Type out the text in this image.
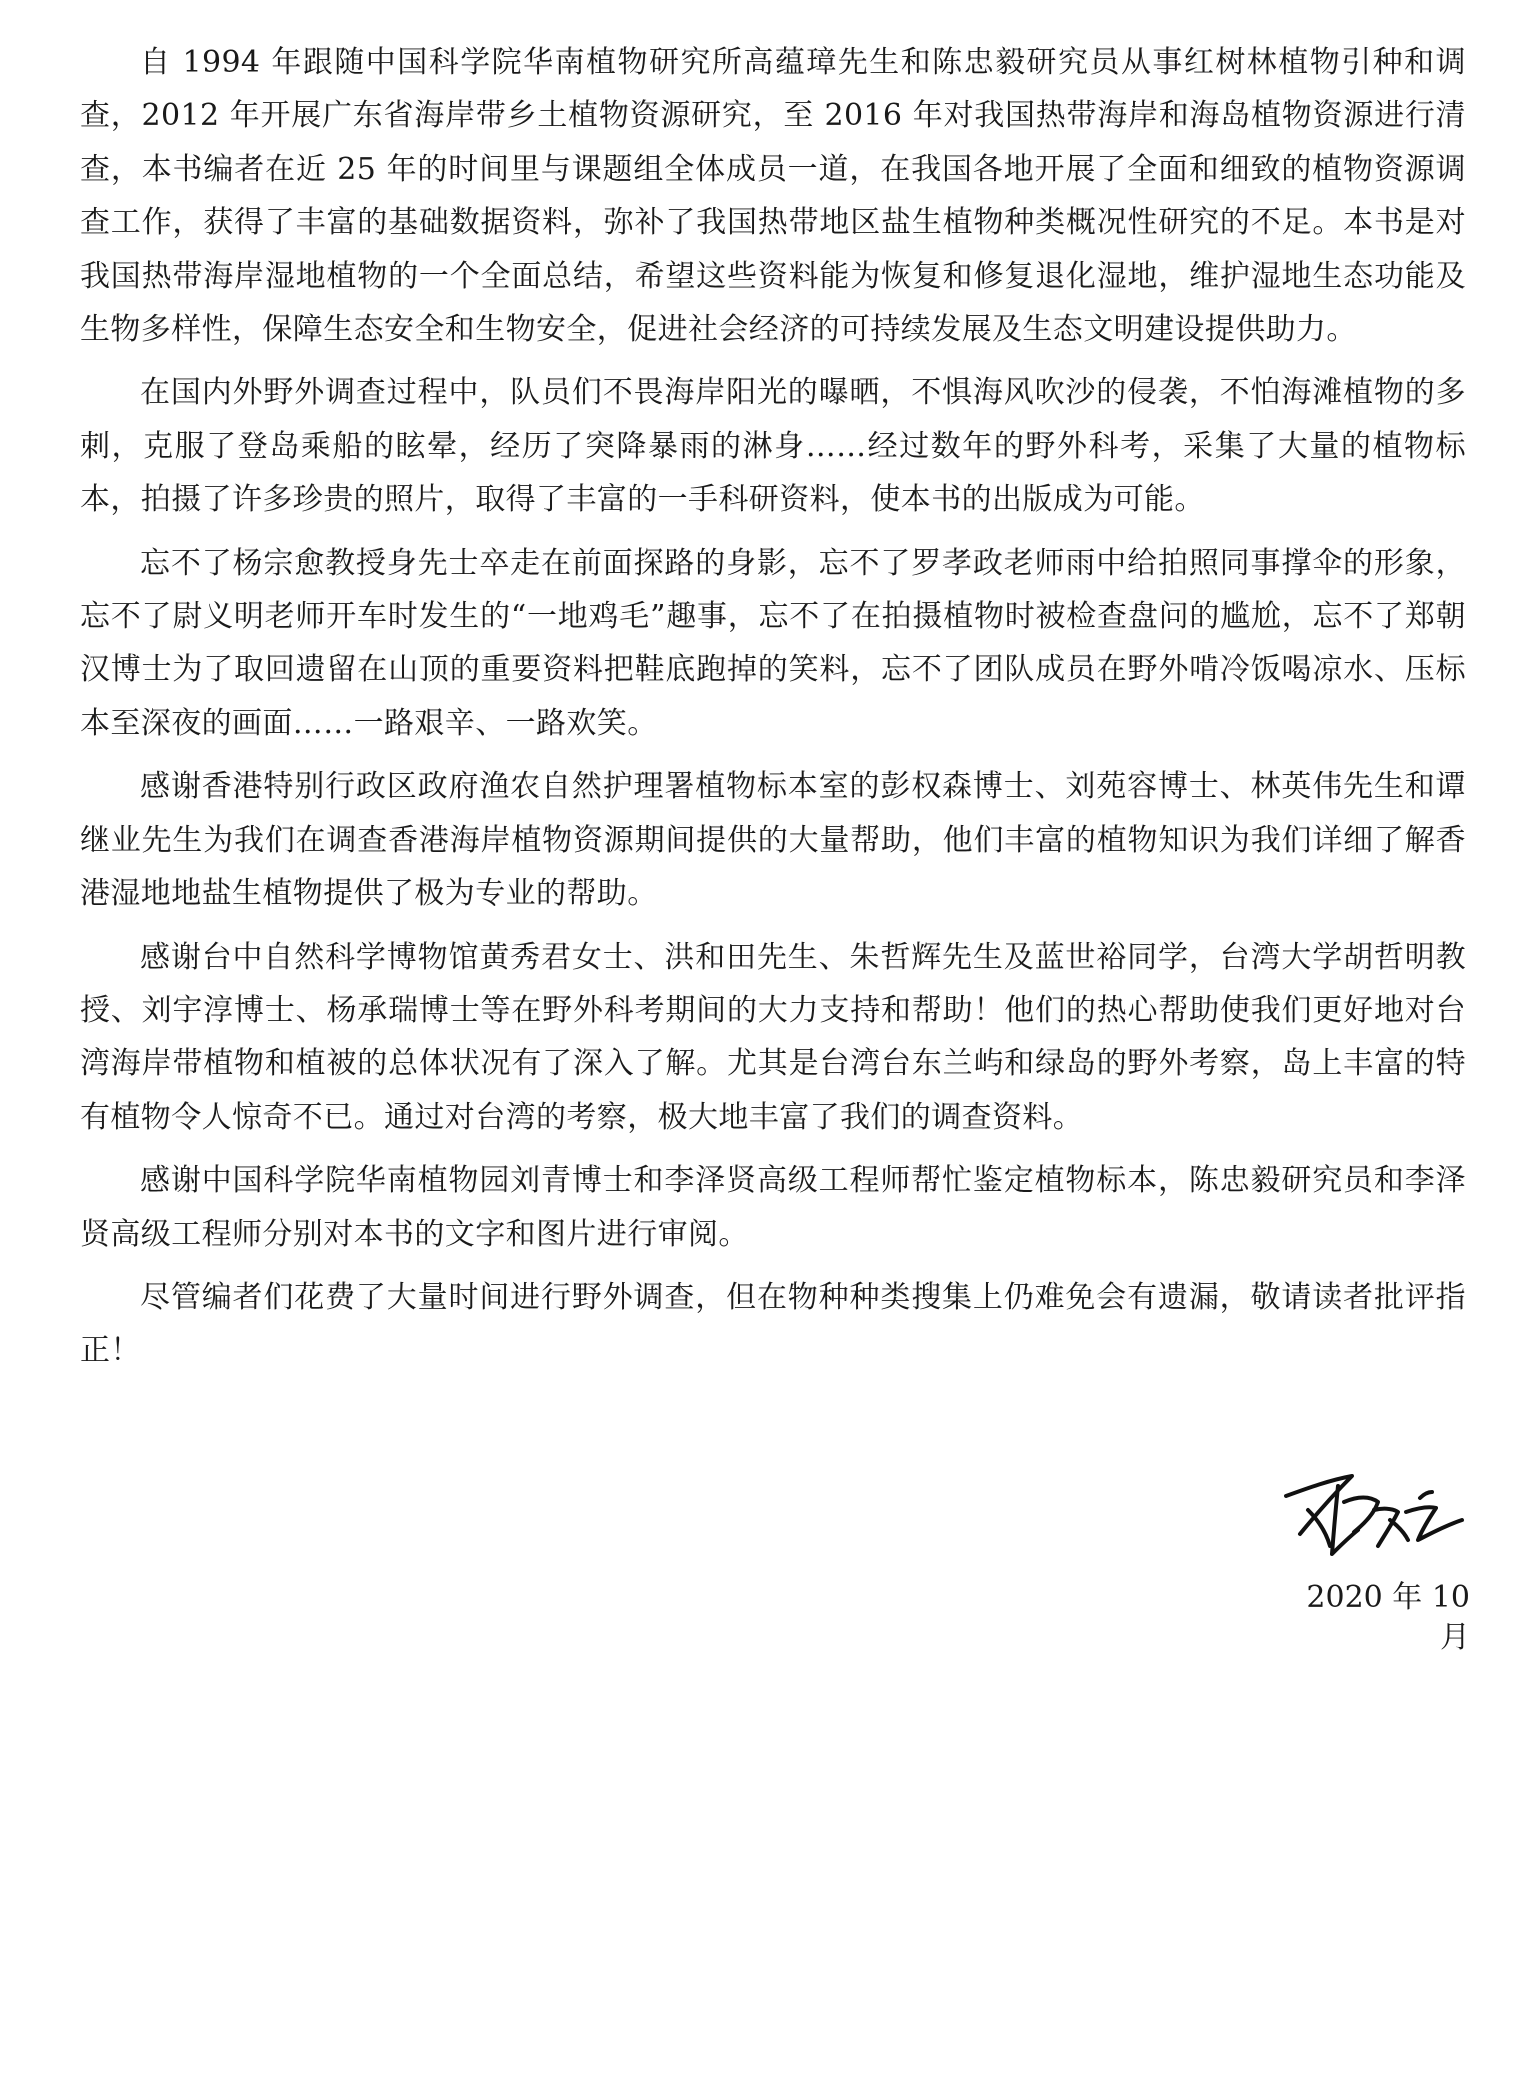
自 1994 年跟随中国科学院华南植物研究所高蕴璋先生和陈忠毅研究员从事红树林植物引种和调查，2012 年开展广东省海岸带乡土植物资源研究，至 2016 年对我国热带海岸和海岛植物资源进行清查，本书编者在近 25 年的时间里与课题组全体成员一道，在我国各地开展了全面和细致的植物资源调查工作，获得了丰富的基础数据资料，弥补了我国热带地区盐生植物种类概况性研究的不足。本书是对我国热带海岸湿地植物的一个全面总结，希望这些资料能为恢复和修复退化湿地，维护湿地生态功能及生物多样性，保障生态安全和生物安全，促进社会经济的可持续发展及生态文明建设提供助力。

在国内外野外调查过程中，队员们不畏海岸阳光的曝晒，不惧海风吹沙的侵袭，不怕海滩植物的多刺，克服了登岛乘船的眩晕，经历了突降暴雨的淋身……经过数年的野外科考，采集了大量的植物标本，拍摄了许多珍贵的照片，取得了丰富的一手科研资料，使本书的出版成为可能。

忘不了杨宗愈教授身先士卒走在前面探路的身影，忘不了罗孝政老师雨中给拍照同事撑伞的形象，忘不了尉义明老师开车时发生的“一地鸡毛”趣事，忘不了在拍摄植物时被检查盘问的尴尬，忘不了郑朝汉博士为了取回遗留在山顶的重要资料把鞋底跑掉的笑料，忘不了团队成员在野外啃冷饭喝凉水、压标本至深夜的画面……一路艰辛、一路欢笑。

感谢香港特别行政区政府渔农自然护理署植物标本室的彭权森博士、刘苑容博士、林英伟先生和谭继业先生为我们在调查香港海岸植物资源期间提供的大量帮助，他们丰富的植物知识为我们详细了解香港湿地地盐生植物提供了极为专业的帮助。

感谢台中自然科学博物馆黄秀君女士、洪和田先生、朱哲辉先生及蓝世裕同学，台湾大学胡哲明教授、刘宇淳博士、杨承瑞博士等在野外科考期间的大力支持和帮助！他们的热心帮助使我们更好地对台湾海岸带植物和植被的总体状况有了深入了解。尤其是台湾台东兰屿和绿岛的野外考察，岛上丰富的特有植物令人惊奇不已。通过对台湾的考察，极大地丰富了我们的调查资料。

感谢中国科学院华南植物园刘青博士和李泽贤高级工程师帮忙鉴定植物标本，陈忠毅研究员和李泽贤高级工程师分别对本书的文字和图片进行审阅。

尽管编者们花费了大量时间进行野外调查，但在物种种类搜集上仍难免会有遗漏，敬请读者批评指正！

2020 年 10 月
